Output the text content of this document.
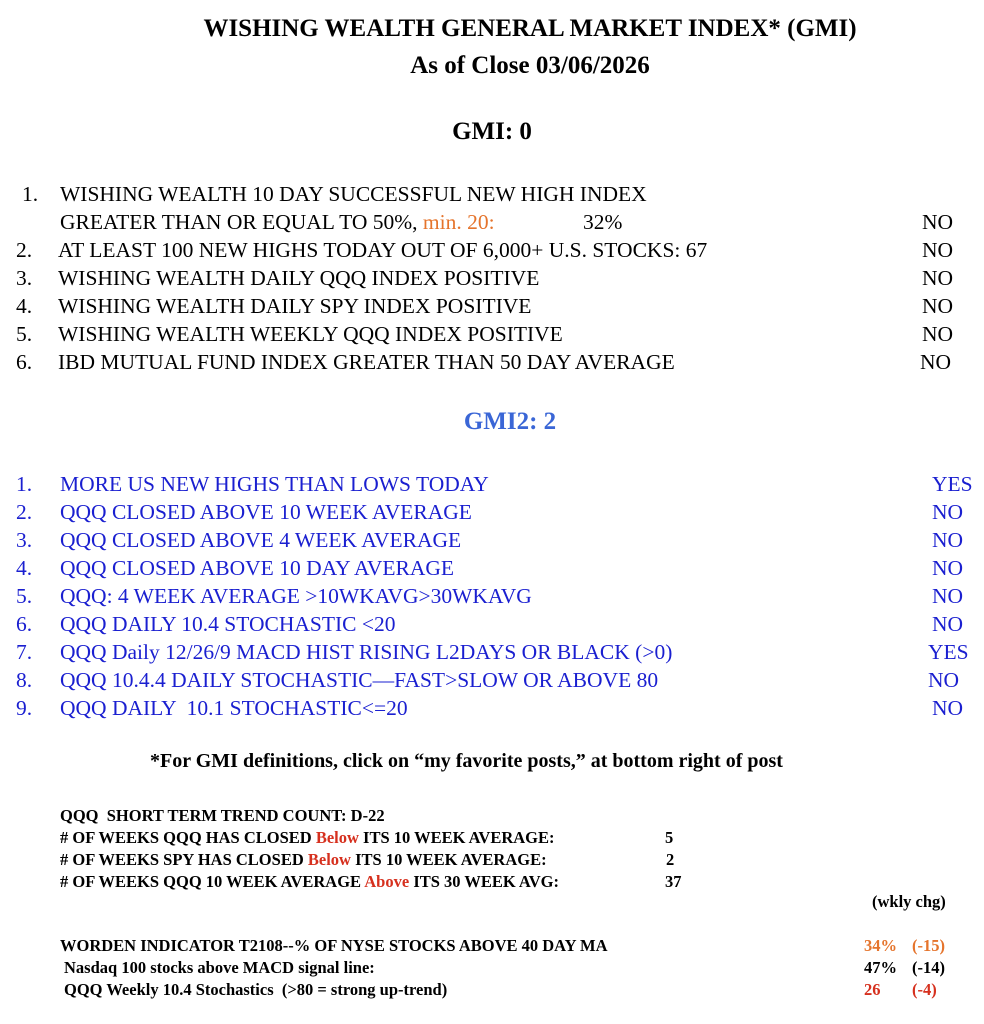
WISHING WEALTH GENERAL MARKET INDEX* (GMI)
As of Close 03/06/2026
GMI: 0
1. WISHING WEALTH 10 DAY SUCCESSFUL NEW HIGH INDEX
GREATER THAN OR EQUAL TO 50%, min. 20:	32%	NO
2. AT LEAST 100 NEW HIGHS TODAY OUT OF 6,000+ U.S. STOCKS: 67	NO
3. WISHING WEALTH DAILY QQQ INDEX POSITIVE	NO
4. WISHING WEALTH DAILY SPY INDEX POSITIVE	NO
5. WISHING WEALTH WEEKLY QQQ INDEX POSITIVE	NO
6. IBD MUTUAL FUND INDEX GREATER THAN 50 DAY AVERAGE	NO
GMI2: 2
1. MORE US NEW HIGHS THAN LOWS TODAY	YES
2. QQQ CLOSED ABOVE 10 WEEK AVERAGE	NO
3. QQQ CLOSED ABOVE 4 WEEK AVERAGE	NO
4. QQQ CLOSED ABOVE 10 DAY AVERAGE	NO
5. QQQ: 4 WEEK AVERAGE >10WKAVG>30WKAVG	NO
6. QQQ DAILY 10.4 STOCHASTIC <20	NO
7. QQQ Daily 12/26/9 MACD HIST RISING L2DAYS OR BLACK (>0)	YES
8. QQQ 10.4.4 DAILY STOCHASTIC—FAST>SLOW OR ABOVE 80	NO
9. QQQ DAILY  10.1 STOCHASTIC<=20	NO
*For GMI definitions, click on “my favorite posts,” at bottom right of post
QQQ  SHORT TERM TREND COUNT: D-22
# OF WEEKS QQQ HAS CLOSED Below ITS 10 WEEK AVERAGE:	5
# OF WEEKS SPY HAS CLOSED Below ITS 10 WEEK AVERAGE:	2
# OF WEEKS QQQ 10 WEEK AVERAGE Above ITS 30 WEEK AVG:	37
(wkly chg)
WORDEN INDICATOR T2108--% OF NYSE STOCKS ABOVE 40 DAY MA	34% (-15)
Nasdaq 100 stocks above MACD signal line:	47% (-14)
QQQ Weekly 10.4 Stochastics  (>80 = strong up-trend)	26 (-4)
